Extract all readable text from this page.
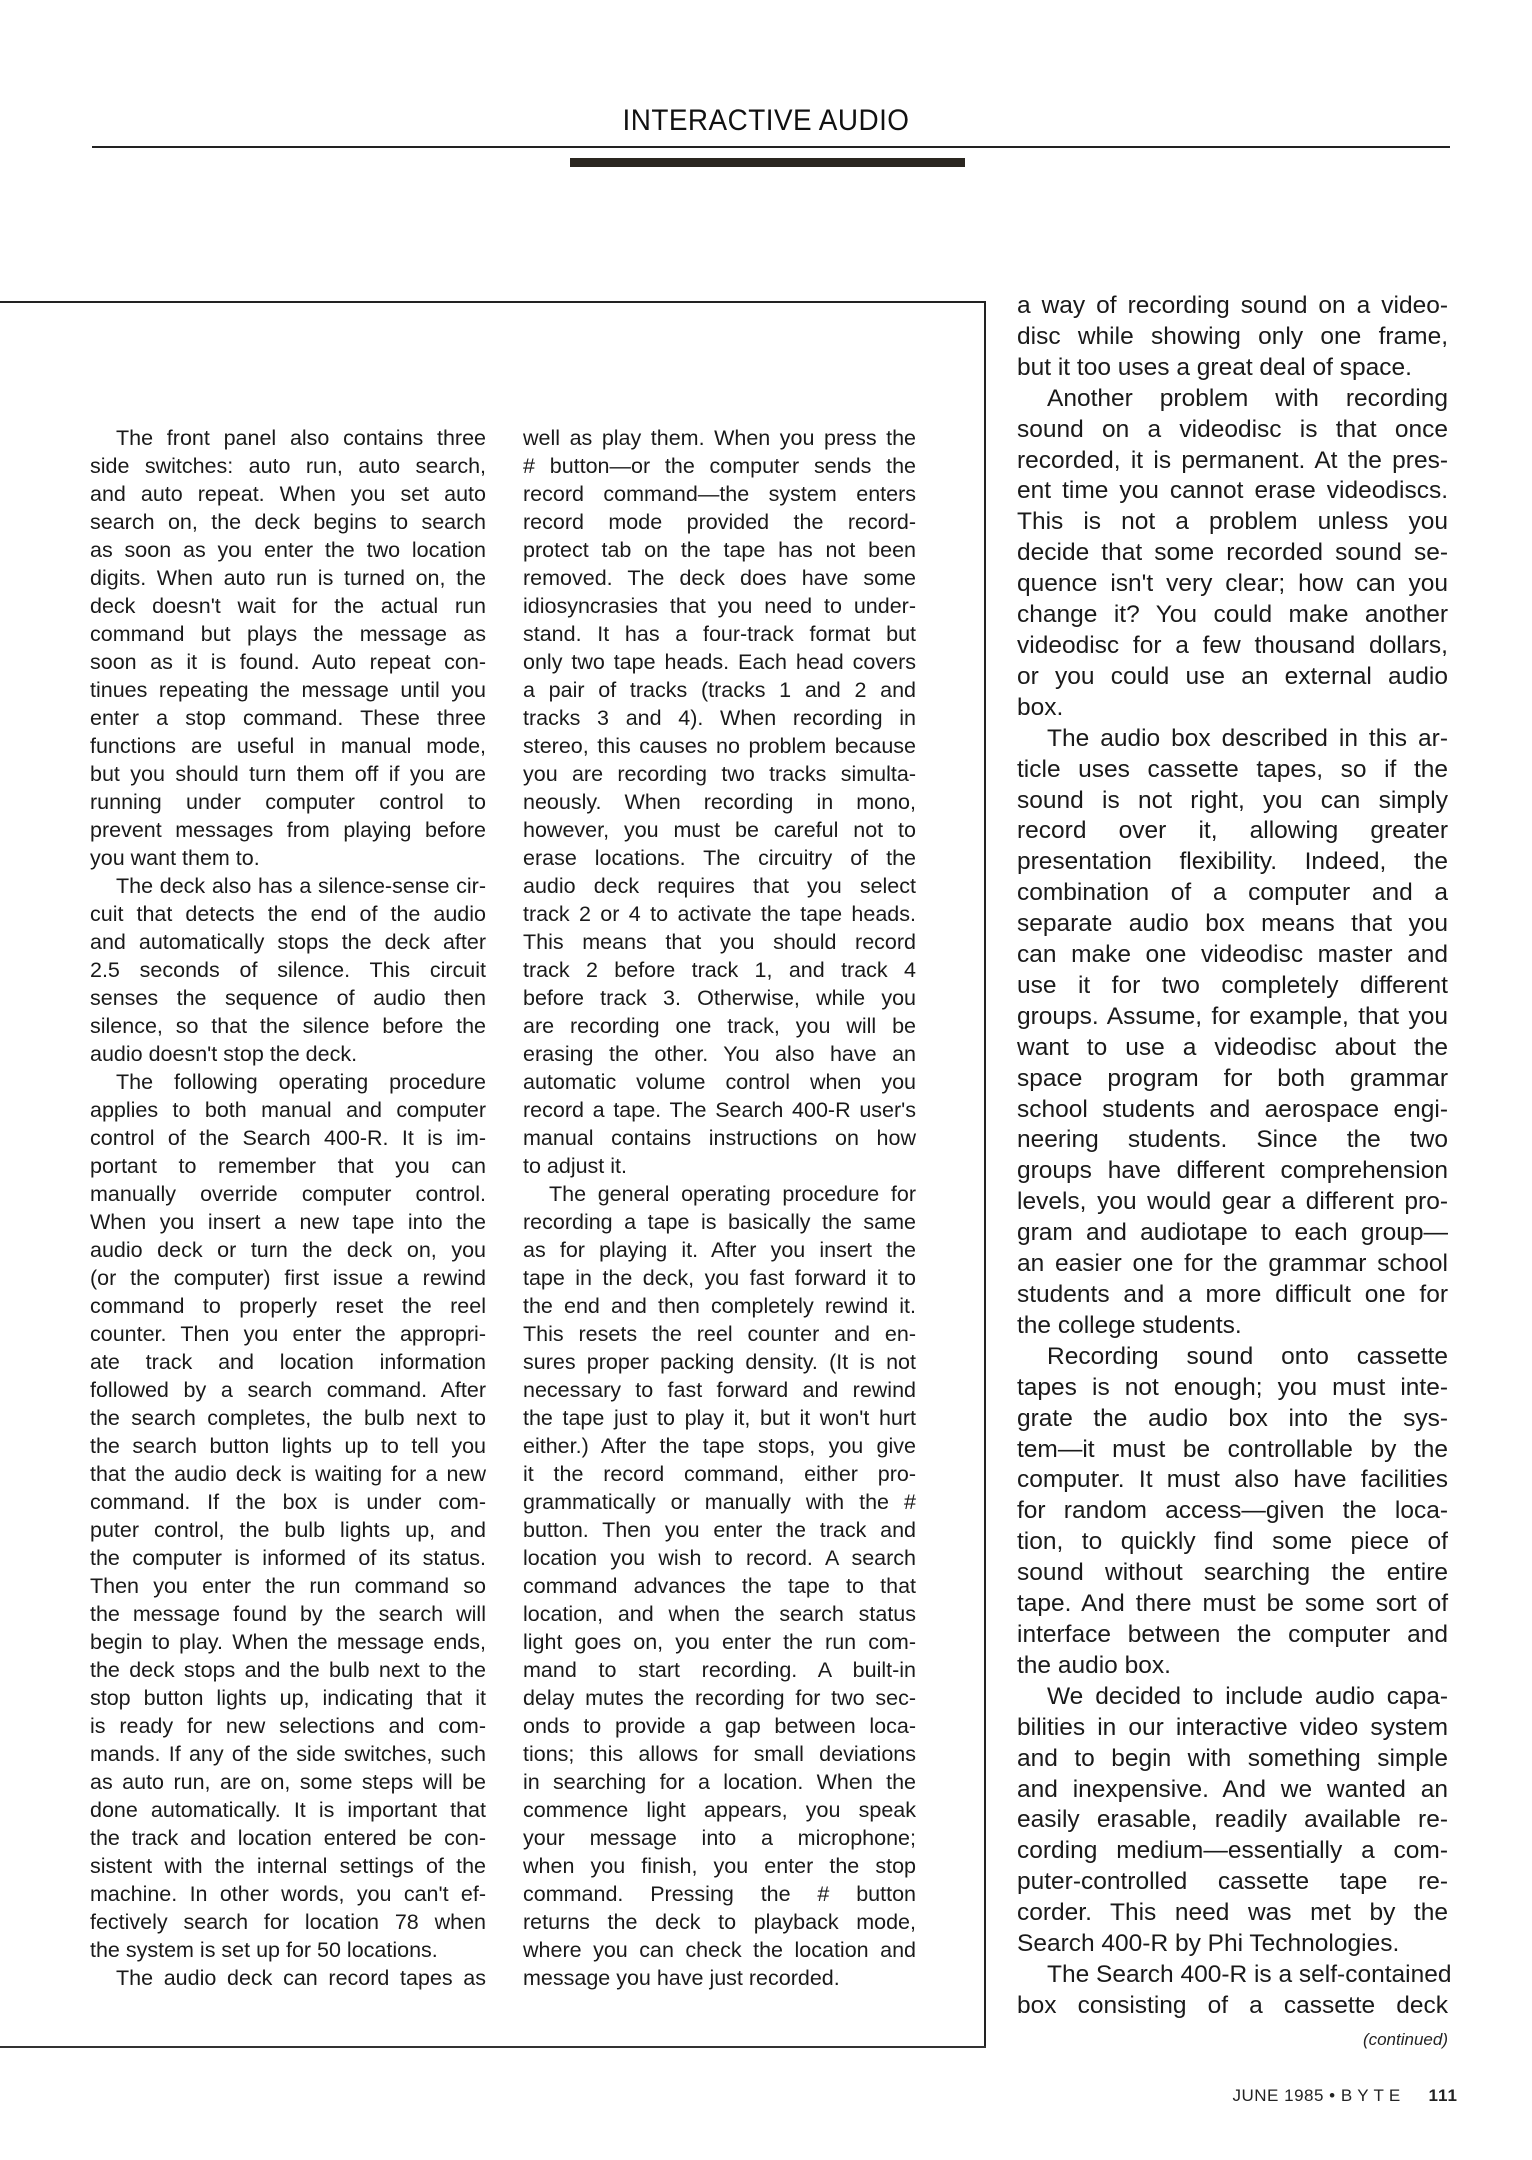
INTERACTIVE AUDIO
The front panel also contains three
side switches: auto run, auto search,
and auto repeat. When you set auto
search on, the deck begins to search
as soon as you enter the two location
digits. When auto run is turned on, the
deck doesn't wait for the actual run
command but plays the message as
soon as it is found. Auto repeat con-
tinues repeating the message until you
enter a stop command. These three
functions are useful in manual mode,
but you should turn them off if you are
running under computer control to
prevent messages from playing before
you want them to.
The deck also has a silence-sense cir-
cuit that detects the end of the audio
and automatically stops the deck after
2.5 seconds of silence. This circuit
senses the sequence of audio then
silence, so that the silence before the
audio doesn't stop the deck.
The following operating procedure
applies to both manual and computer
control of the Search 400-R. It is im-
portant to remember that you can
manually override computer control.
When you insert a new tape into the
audio deck or turn the deck on, you
(or the computer) first issue a rewind
command to properly reset the reel
counter. Then you enter the appropri-
ate track and location information
followed by a search command. After
the search completes, the bulb next to
the search button lights up to tell you
that the audio deck is waiting for a new
command. If the box is under com-
puter control, the bulb lights up, and
the computer is informed of its status.
Then you enter the run command so
the message found by the search will
begin to play. When the message ends,
the deck stops and the bulb next to the
stop button lights up, indicating that it
is ready for new selections and com-
mands. If any of the side switches, such
as auto run, are on, some steps will be
done automatically. It is important that
the track and location entered be con-
sistent with the internal settings of the
machine. In other words, you can't ef-
fectively search for location 78 when
the system is set up for 50 locations.
The audio deck can record tapes as
well as play them. When you press the
# button—or the computer sends the
record command—the system enters
record mode provided the record-
protect tab on the tape has not been
removed. The deck does have some
idiosyncrasies that you need to under-
stand. It has a four-track format but
only two tape heads. Each head covers
a pair of tracks (tracks 1 and 2 and
tracks 3 and 4). When recording in
stereo, this causes no problem because
you are recording two tracks simulta-
neously. When recording in mono,
however, you must be careful not to
erase locations. The circuitry of the
audio deck requires that you select
track 2 or 4 to activate the tape heads.
This means that you should record
track 2 before track 1, and track 4
before track 3. Otherwise, while you
are recording one track, you will be
erasing the other. You also have an
automatic volume control when you
record a tape. The Search 400-R user's
manual contains instructions on how
to adjust it.
The general operating procedure for
recording a tape is basically the same
as for playing it. After you insert the
tape in the deck, you fast forward it to
the end and then completely rewind it.
This resets the reel counter and en-
sures proper packing density. (It is not
necessary to fast forward and rewind
the tape just to play it, but it won't hurt
either.) After the tape stops, you give
it the record command, either pro-
grammatically or manually with the #
button. Then you enter the track and
location you wish to record. A search
command advances the tape to that
location, and when the search status
light goes on, you enter the run com-
mand to start recording. A built-in
delay mutes the recording for two sec-
onds to provide a gap between loca-
tions; this allows for small deviations
in searching for a location. When the
commence light appears, you speak
your message into a microphone;
when you finish, you enter the stop
command. Pressing the # button
returns the deck to playback mode,
where you can check the location and
message you have just recorded.
a way of recording sound on a video-
disc while showing only one frame,
but it too uses a great deal of space.
Another problem with recording
sound on a videodisc is that once
recorded, it is permanent. At the pres-
ent time you cannot erase videodiscs.
This is not a problem unless you
decide that some recorded sound se-
quence isn't very clear; how can you
change it? You could make another
videodisc for a few thousand dollars,
or you could use an external audio
box.
The audio box described in this ar-
ticle uses cassette tapes, so if the
sound is not right, you can simply
record over it, allowing greater
presentation flexibility. Indeed, the
combination of a computer and a
separate audio box means that you
can make one videodisc master and
use it for two completely different
groups. Assume, for example, that you
want to use a videodisc about the
space program for both grammar
school students and aerospace engi-
neering students. Since the two
groups have different comprehension
levels, you would gear a different pro-
gram and audiotape to each group—
an easier one for the grammar school
students and a more difficult one for
the college students.
Recording sound onto cassette
tapes is not enough; you must inte-
grate the audio box into the sys-
tem—it must be controllable by the
computer. It must also have facilities
for random access—given the loca-
tion, to quickly find some piece of
sound without searching the entire
tape. And there must be some sort of
interface between the computer and
the audio box.
We decided to include audio capa-
bilities in our interactive video system
and to begin with something simple
and inexpensive. And we wanted an
easily erasable, readily available re-
cording medium—essentially a com-
puter-controlled cassette tape re-
corder. This need was met by the
Search 400-R by Phi Technologies.
The Search 400-R is a self-contained
box consisting of a cassette deck
(continued)
JUNE 1985 • BYTE 111
